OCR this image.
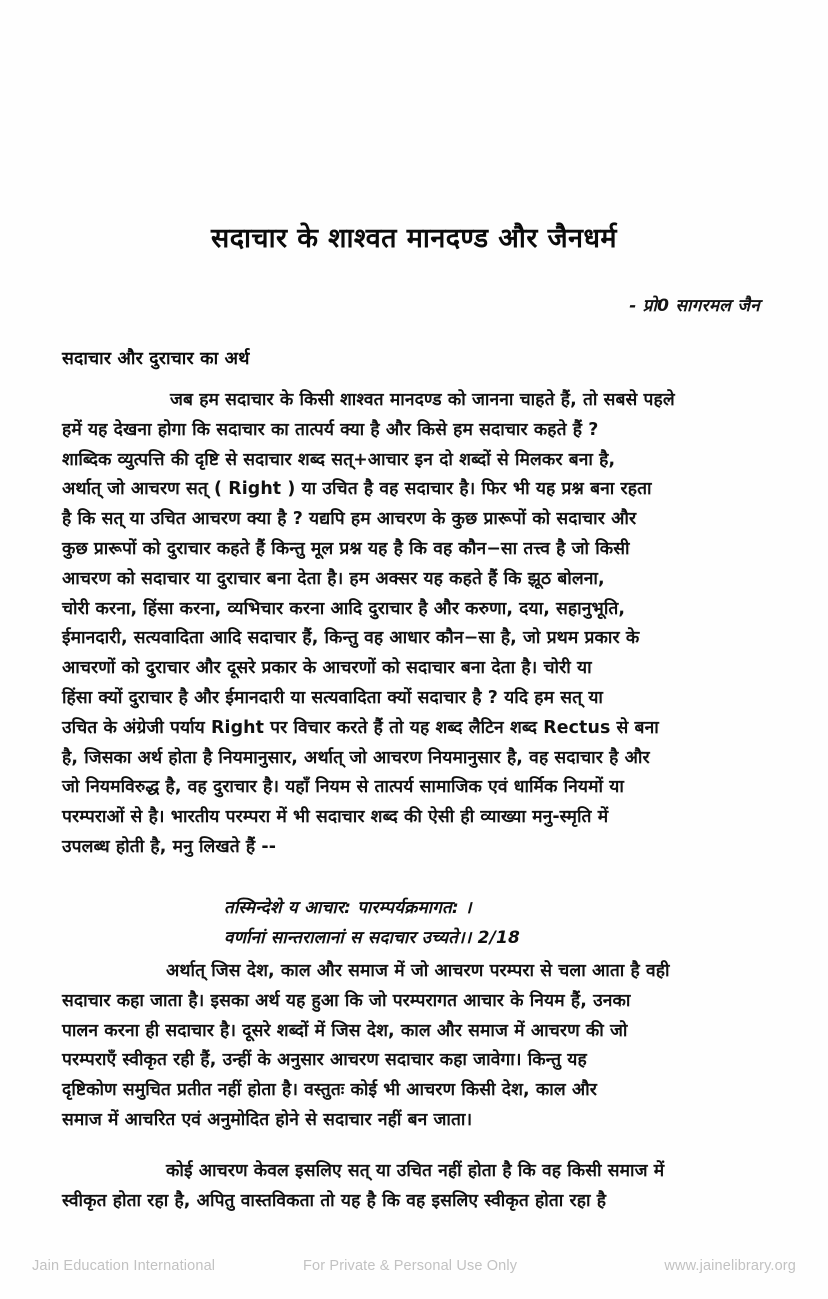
सदाचार के शाश्वत मानदण्ड और जैनधर्म
- प्रो0 सागरमल जैन
सदाचार और दुराचार का अर्थ
जब हम सदाचार के किसी शाश्वत मानदण्ड को जानना चाहते हैं, तो सबसे पहले
हमें यह देखना होगा कि सदाचार का तात्पर्य क्या है और किसे हम सदाचार कहते हैं ?
शाब्दिक व्युत्पत्ति की दृष्टि से सदाचार शब्द सत्+आचार इन दो शब्दों से मिलकर बना है,
अर्थात् जो आचरण सत् ( Right ) या उचित है वह सदाचार है। फिर भी यह प्रश्न बना रहता
है कि सत् या उचित आचरण क्या है ? यद्यपि हम आचरण के कुछ प्रारूपों को सदाचार और
कुछ प्रारूपों को दुराचार कहते हैं किन्तु मूल प्रश्न यह है कि वह कौन−सा तत्त्व है जो किसी
आचरण को सदाचार या दुराचार बना देता है। हम अक्सर यह कहते हैं कि झूठ बोलना,
चोरी करना, हिंसा करना, व्यभिचार करना आदि दुराचार है और करुणा, दया, सहानुभूति,
ईमानदारी, सत्यवादिता आदि सदाचार हैं, किन्तु वह आधार कौन−सा है, जो प्रथम प्रकार के
आचरणों को दुराचार और दूसरे प्रकार के आचरणों को सदाचार बना देता है। चोरी या
हिंसा क्यों दुराचार है और ईमानदारी या सत्यवादिता क्यों सदाचार है ? यदि हम सत् या
उचित के अंग्रेजी पर्याय Right पर विचार करते हैं तो यह शब्द लैटिन शब्द Rectus से बना
है, जिसका अर्थ होता है नियमानुसार, अर्थात् जो आचरण नियमानुसार है, वह सदाचार है और
जो नियमविरुद्ध है, वह दुराचार है। यहाँ नियम से तात्पर्य सामाजिक एवं धार्मिक नियमों या
परम्पराओं से है। भारतीय परम्परा में भी सदाचार शब्द की ऐसी ही व्याख्या मनु-स्मृति में
उपलब्ध होती है, मनु लिखते हैं --
तस्मिन्देशे य आचार: पारम्पर्यक्रमागत: ।
वर्णानां सान्तरालानां स सदाचार उच्यते।। 2/18
अर्थात् जिस देश, काल और समाज में जो आचरण परम्परा से चला आता है वही
सदाचार कहा जाता है। इसका अर्थ यह हुआ कि जो परम्परागत आचार के नियम हैं, उनका
पालन करना ही सदाचार है। दूसरे शब्दों में जिस देश, काल और समाज में आचरण की जो
परम्पराएँ स्वीकृत रही हैं, उन्हीं के अनुसार आचरण सदाचार कहा जावेगा। किन्तु यह
दृष्टिकोण समुचित प्रतीत नहीं होता है। वस्तुतः कोई भी आचरण किसी देश, काल और
समाज में आचरित एवं अनुमोदित होने से सदाचार नहीं बन जाता।
कोई आचरण केवल इसलिए सत् या उचित नहीं होता है कि वह किसी समाज में
स्वीकृत होता रहा है, अपितु वास्तविकता तो यह है कि वह इसलिए स्वीकृत होता रहा है
Jain Education International	For Private & Personal Use Only	www.jainelibrary.org
